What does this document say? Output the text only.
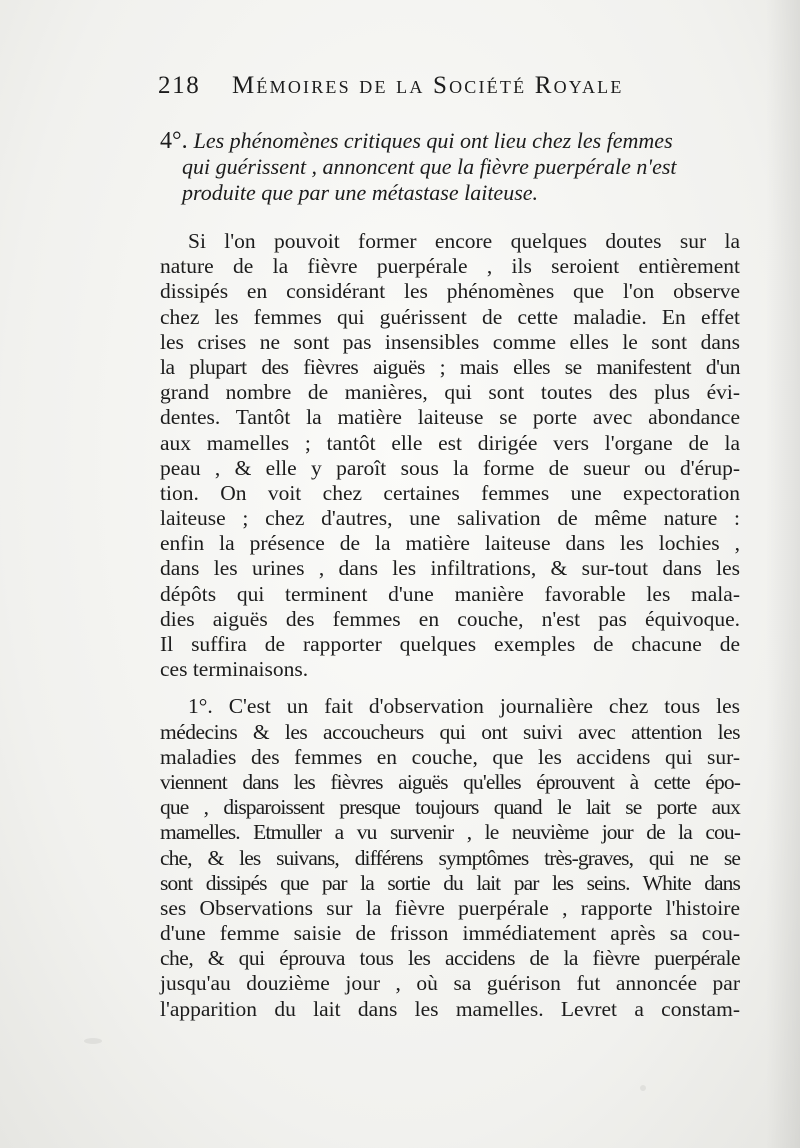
218 Mémoires de la Société Royale
4°. Les phénomènes critiques qui ont lieu chez les femmes
qui guérissent , annoncent que la fièvre puerpérale n'est
produite que par une métastase laiteuse.
Si l'on pouvoit former encore quelques doutes sur la
nature de la fièvre puerpérale , ils seroient entièrement
dissipés en considérant les phénomènes que l'on observe
chez les femmes qui guérissent de cette maladie. En effet
les crises ne sont pas insensibles comme elles le sont dans
la plupart des fièvres aiguës ; mais elles se manifestent d'un
grand nombre de manières, qui sont toutes des plus évi-
dentes. Tantôt la matière laiteuse se porte avec abondance
aux mamelles ; tantôt elle est dirigée vers l'organe de la
peau , & elle y paroît sous la forme de sueur ou d'érup-
tion. On voit chez certaines femmes une expectoration
laiteuse ; chez d'autres, une salivation de même nature :
enfin la présence de la matière laiteuse dans les lochies ,
dans les urines , dans les infiltrations, & sur-tout dans les
dépôts qui terminent d'une manière favorable les mala-
dies aiguës des femmes en couche, n'est pas équivoque.
Il suffira de rapporter quelques exemples de chacune de
ces terminaisons.
1°. C'est un fait d'observation journalière chez tous les
médecins & les accoucheurs qui ont suivi avec attention les
maladies des femmes en couche, que les accidens qui sur-
viennent dans les fièvres aiguës qu'elles éprouvent à cette épo-
que , disparoissent presque toujours quand le lait se porte aux
mamelles. Etmuller a vu survenir , le neuvième jour de la cou-
che, & les suivans, différens symptômes très-graves, qui ne se
sont dissipés que par la sortie du lait par les seins. White dans
ses Observations sur la fièvre puerpérale , rapporte l'histoire
d'une femme saisie de frisson immédiatement après sa cou-
che, & qui éprouva tous les accidens de la fièvre puerpérale
jusqu'au douzième jour , où sa guérison fut annoncée par
l'apparition du lait dans les mamelles. Levret a constam-
